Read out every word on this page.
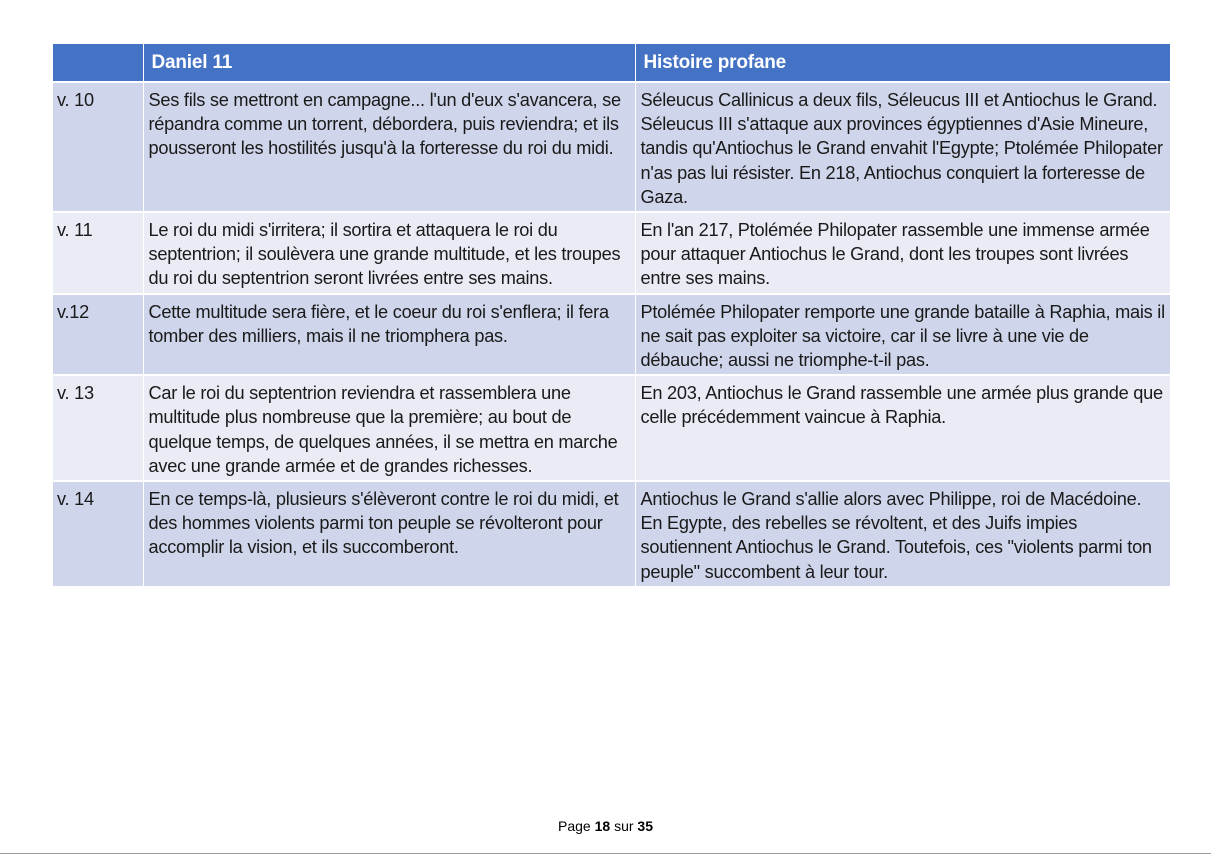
	Daniel 11	Histoire profane
v. 10	Ses fils se mettront en campagne... l'un d'eux s'avancera, se répandra comme un torrent, débordera, puis reviendra; et ils pousseront les hostilités jusqu'à la forteresse du roi du midi.	Séleucus Callinicus a deux fils, Séleucus III et Antiochus le Grand. Séleucus III s'attaque aux provinces égyptiennes d'Asie Mineure, tandis qu'Antiochus le Grand envahit l'Egypte; Ptolémée Philopater n'as pas lui résister. En 218, Antiochus conquiert la forteresse de Gaza.
v. 11	Le roi du midi s'irritera; il sortira et attaquera le roi du septentrion; il soulèvera une grande multitude, et les troupes du roi du septentrion seront livrées entre ses mains.	En l'an 217, Ptolémée Philopater rassemble une immense armée pour attaquer Antiochus le Grand, dont les troupes sont livrées entre ses mains.
v.12	Cette multitude sera fière, et le coeur du roi s'enflera; il fera tomber des milliers, mais il ne triomphera pas.	Ptolémée Philopater remporte une grande bataille à Raphia, mais il ne sait pas exploiter sa victoire, car il se livre à une vie de débauche; aussi ne triomphe-t-il pas.
v. 13	Car le roi du septentrion reviendra et rassemblera une multitude plus nombreuse que la première; au bout de quelque temps, de quelques années, il se mettra en marche avec une grande armée et de grandes richesses.	En 203, Antiochus le Grand rassemble une armée plus grande que celle précédemment vaincue à Raphia.
v. 14	En ce temps-là, plusieurs s'élèveront contre le roi du midi, et des hommes violents parmi ton peuple se révolteront pour accomplir la vision, et ils succomberont.	Antiochus le Grand s'allie alors avec Philippe, roi de Macédoine. En Egypte, des rebelles se révoltent, et des Juifs impies soutiennent Antiochus le Grand. Toutefois, ces "violents parmi ton peuple" succombent à leur tour.
Page 18 sur 35
